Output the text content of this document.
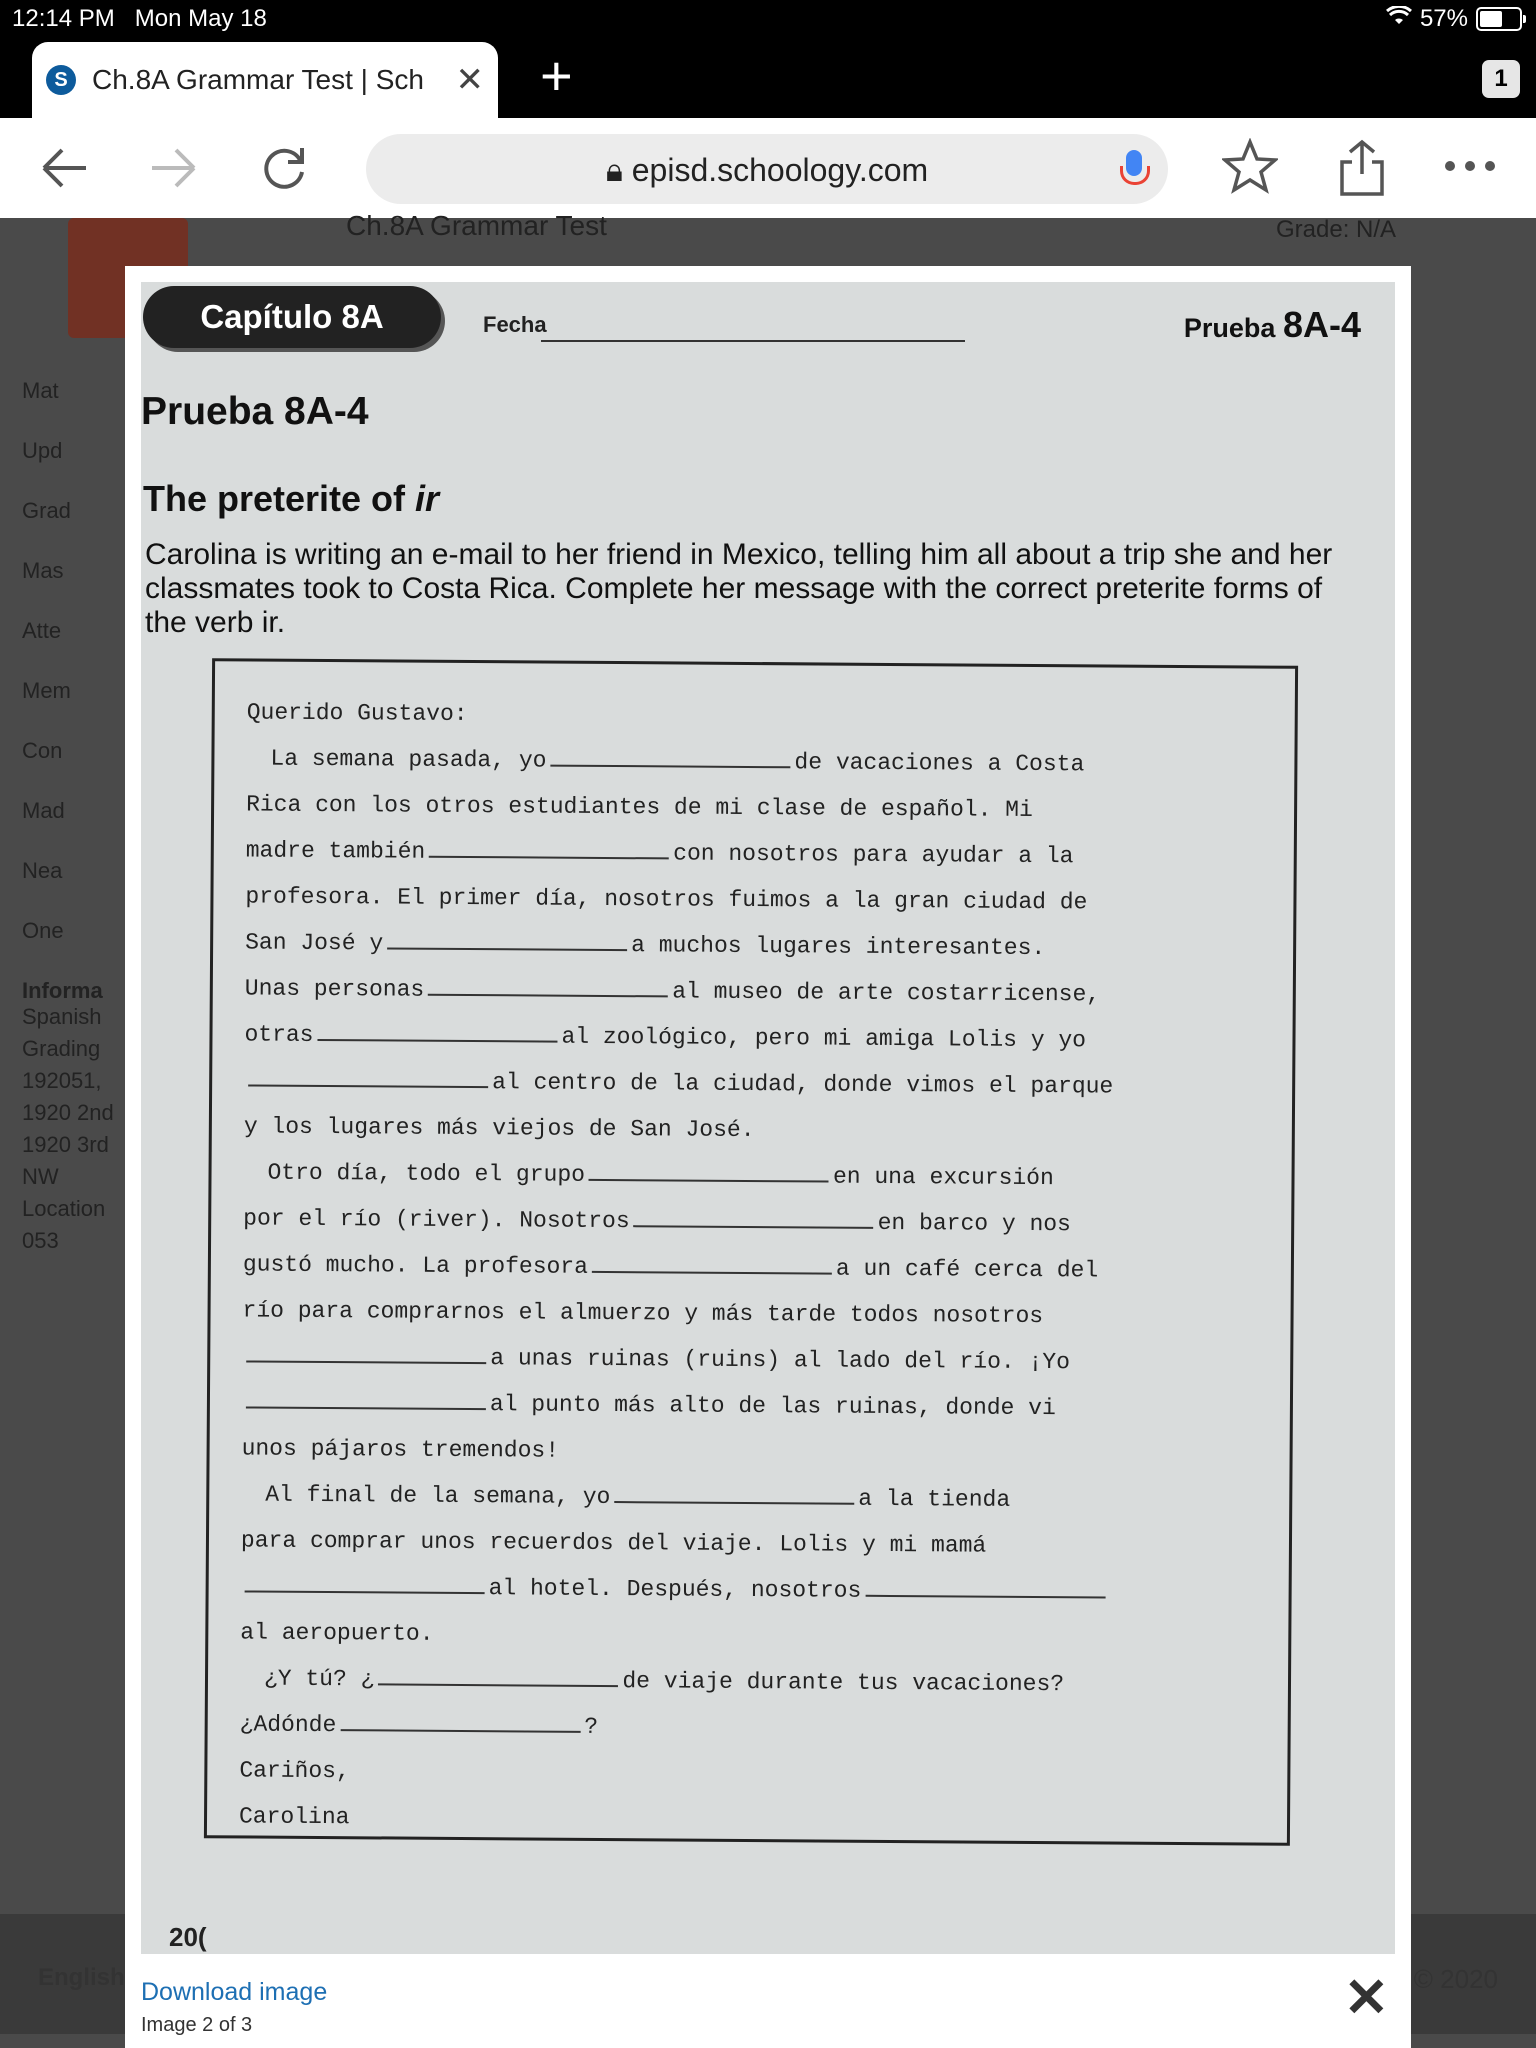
12:14 PM Mon May 18	57%
S Ch.8A Grammar Test | Sch ✕ +	1
🔒︎ episd.schoology.com
Ch.8A Grammar Test	Grade: N/A
Mat
Upd
Grad
Mas
Atte
Mem
Con
Mad
Nea
One
Informa
Spanish
Grading
192051,
1920 2nd
1920 3rd
NW
Location
053
English	© 2020
Capítulo 8A	Fecha	Prueba 8A-4
Prueba 8A-4
The preterite of ir
Carolina is writing an e-mail to her friend in Mexico, telling him all about a trip she and her classmates took to Costa Rica. Complete her message with the correct preterite forms of the verb ir.
Querido Gustavo:
La semana pasada, yo	de vacaciones a Costa
Rica con los otros estudiantes de mi clase de español. Mi
madre también	con nosotros para ayudar a la
profesora. El primer día, nosotros fuimos a la gran ciudad de
San José y	a muchos lugares interesantes.
Unas personas	al museo de arte costarricense,
otras	al zoológico, pero mi amiga Lolis y yo
al centro de la ciudad, donde vimos el parque
y los lugares más viejos de San José.
Otro día, todo el grupo	en una excursión
por el río (river). Nosotros	en barco y nos
gustó mucho. La profesora	a un café cerca del
río para comprarnos el almuerzo y más tarde todos nosotros
a unas ruinas (ruins) al lado del río. ¡Yo
al punto más alto de las ruinas, donde vi
unos pájaros tremendos!
Al final de la semana, yo	a la tienda
para comprar unos recuerdos del viaje. Lolis y mi mamá
al hotel. Después, nosotros
al aeropuerto.
¿Y tú? ¿	de viaje durante tus vacaciones?
¿Adónde	?
Cariños,
Carolina
20(
Download image
Image 2 of 3	✕
